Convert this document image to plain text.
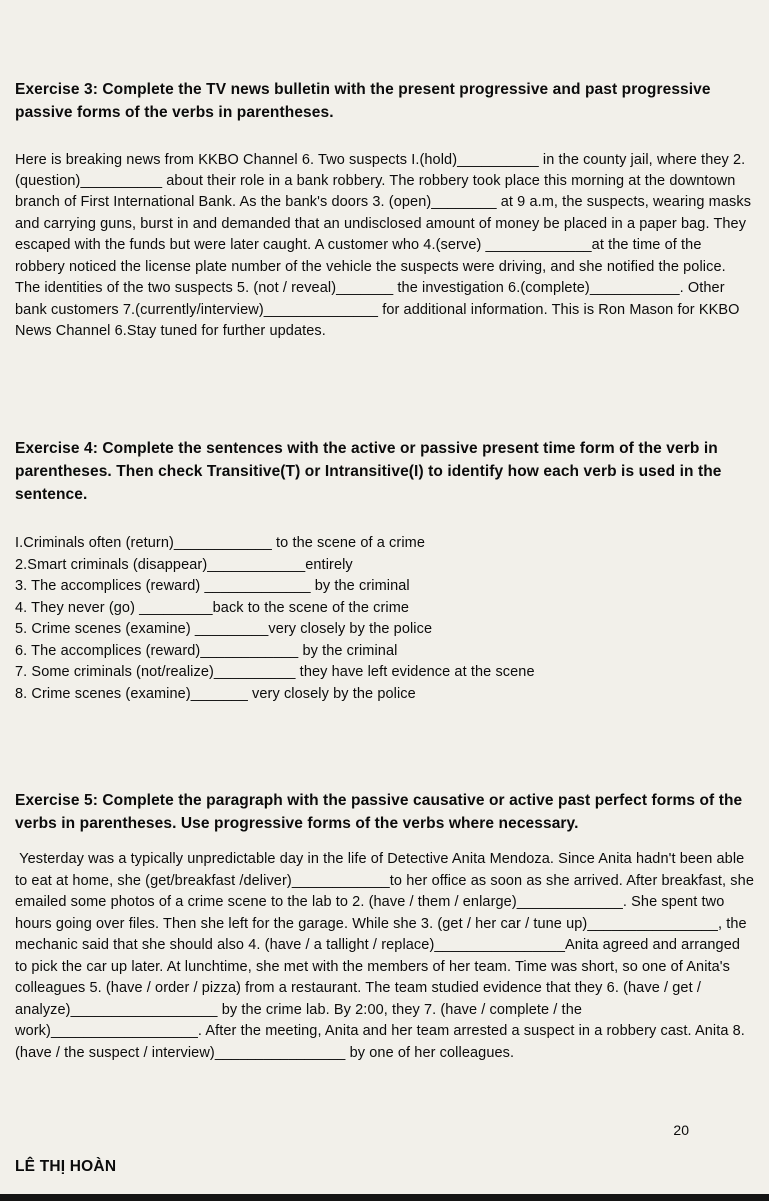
Exercise 3: Complete the TV news bulletin with the present progressive and past progressive passive forms of the verbs in parentheses.
Here is breaking news from KKBO Channel 6. Two suspects I.(hold)__________ in the county jail, where they 2. (question)__________ about their role in a bank robbery. The robbery took place this morning at the downtown branch of First International Bank. As the bank's doors 3. (open)________ at 9 a.m, the suspects, wearing masks and carrying guns, burst in and demanded that an undisclosed amount of money be placed in a paper bag. They escaped with the funds but were later caught. A customer who 4.(serve) _____________at the time of the robbery noticed the license plate number of the vehicle the suspects were driving, and she notified the police. The identities of the two suspects 5. (not / reveal)_______ the investigation 6.(complete)___________. Other bank customers 7.(currently/interview)______________ for additional information. This is Ron Mason for KKBO News Channel 6.Stay tuned for further updates.
Exercise 4: Complete the sentences with the active or passive present time form of the verb in parentheses. Then check Transitive(T) or Intransitive(I) to identify how each verb is used in the sentence.
I.Criminals often (return)____________ to the scene of a crime
2.Smart criminals (disappear)____________entirely
3. The accomplices (reward) _____________ by the criminal
4. They never (go) _________back to the scene of the crime
5. Crime scenes (examine) _________very closely by the police
6. The accomplices (reward)____________ by the criminal
7. Some criminals (not/realize)__________ they have left evidence at the scene
8. Crime scenes (examine)_______ very closely by the police
Exercise 5: Complete the paragraph with the passive causative or active past perfect forms of the verbs in parentheses. Use progressive forms of the verbs where necessary.
Yesterday was a typically unpredictable day in the life of Detective Anita Mendoza. Since Anita hadn't been able to eat at home, she (get/breakfast /deliver)____________to her office as soon as she arrived. After breakfast, she emailed some photos of a crime scene to the lab to 2. (have / them / enlarge)_____________. She spent two hours going over files. Then she left for the garage. While she 3. (get / her car / tune up)________________, the mechanic said that she should also 4. (have / a tallight / replace)________________Anita agreed and arranged to pick the car up later. At lunchtime, she met with the members of her team. Time was short, so one of Anita's colleagues 5. (have / order / pizza) from a restaurant. The team studied evidence that they 6. (have / get / analyze)__________________ by the crime lab. By 2:00, they 7. (have / complete / the work)__________________. After the meeting, Anita and her team arrested a suspect in a robbery cast. Anita 8. (have / the suspect / interview)________________ by one of her colleagues.
20
LÊ THỊ HOÀN
